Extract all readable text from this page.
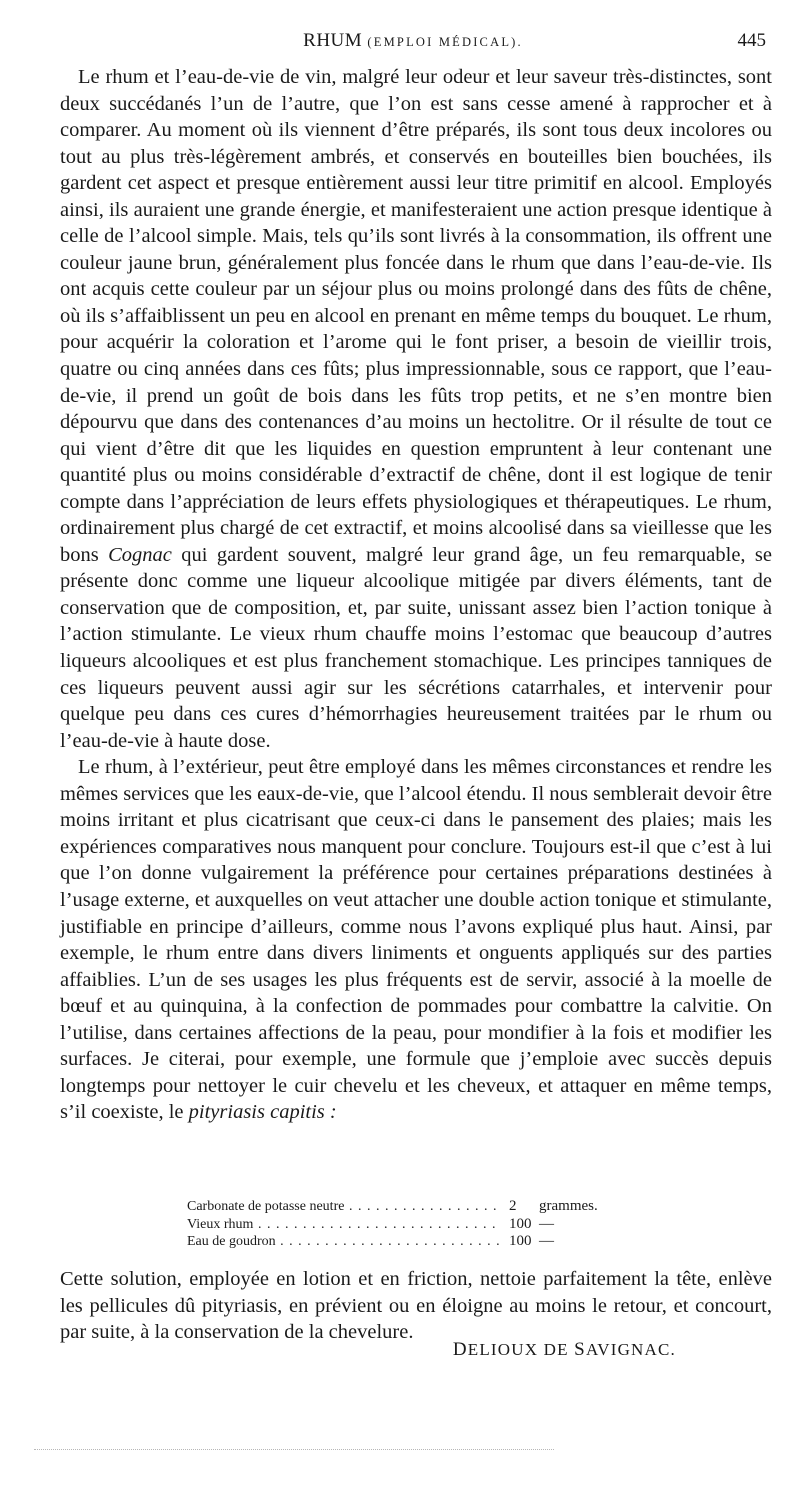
RHUM (EMPLOI MÉDICAL).	445

Le rhum et l’eau-de-vie de vin, malgré leur odeur et leur saveur très-distinctes, sont deux succédanés l’un de l’autre, que l’on est sans cesse amené à rapprocher et à comparer. Au moment où ils viennent d’être préparés, ils sont tous deux incolores ou tout au plus très-légèrement ambrés, et conservés en bouteilles bien bouchées, ils gardent cet aspect et presque entièrement aussi leur titre primitif en alcool. Employés ainsi, ils auraient une grande énergie, et manifesteraient une action presque identique à celle de l’alcool simple. Mais, tels qu’ils sont livrés à la consommation, ils offrent une couleur jaune brun, généralement plus foncée dans le rhum que dans l’eau-de-vie. Ils ont acquis cette couleur par un séjour plus ou moins prolongé dans des fûts de chêne, où ils s’affaiblissent un peu en alcool en prenant en même temps du bouquet. Le rhum, pour acquérir la coloration et l’arome qui le font priser, a besoin de vieillir trois, quatre ou cinq années dans ces fûts; plus impressionnable, sous ce rapport, que l’eau-de-vie, il prend un goût de bois dans les fûts trop petits, et ne s’en montre bien dépourvu que dans des contenances d’au moins un hectolitre. Or il résulte de tout ce qui vient d’être dit que les liquides en question empruntent à leur contenant une quantité plus ou moins considérable d’extractif de chêne, dont il est logique de tenir compte dans l’appréciation de leurs effets physiologiques et thérapeutiques. Le rhum, ordinairement plus chargé de cet extractif, et moins alcoolisé dans sa vieillesse que les bons Cognac qui gardent souvent, malgré leur grand âge, un feu remarquable, se présente donc comme une liqueur alcoolique mitigée par divers éléments, tant de conservation que de composition, et, par suite, unissant assez bien l’action tonique à l’action stimulante. Le vieux rhum chauffe moins l’estomac que beaucoup d’autres liqueurs alcooliques et est plus franchement stomachique. Les principes tanniques de ces liqueurs peuvent aussi agir sur les sécrétions catarrhales, et intervenir pour quelque peu dans ces cures d’hémorrhagies heureusement traitées par le rhum ou l’eau-de-vie à haute dose.

Le rhum, à l’extérieur, peut être employé dans les mêmes circonstances et rendre les mêmes services que les eaux-de-vie, que l’alcool étendu. Il nous semblerait devoir être moins irritant et plus cicatrisant que ceux-ci dans le pansement des plaies; mais les expériences comparatives nous manquent pour conclure. Toujours est-il que c’est à lui que l’on donne vulgairement la préférence pour certaines préparations destinées à l’usage externe, et auxquelles on veut attacher une double action tonique et stimulante, justifiable en principe d’ailleurs, comme nous l’avons expliqué plus haut. Ainsi, par exemple, le rhum entre dans divers liniments et onguents appliqués sur des parties affaiblies. L’un de ses usages les plus fréquents est de servir, associé à la moelle de bœuf et au quinquina, à la confection de pommades pour combattre la calvitie. On l’utilise, dans certaines affections de la peau, pour mondifier à la fois et modifier les surfaces. Je citerai, pour exemple, une formule que j’emploie avec succès depuis longtemps pour nettoyer le cuir chevelu et les cheveux, et attaquer en même temps, s’il coexiste, le pityriasis capitis :

Carbonate de potasse neutre . . .	2	grammes.
Vieux rhum . . .	100 —
Eau de goudron . . .	100 —

Cette solution, employée en lotion et en friction, nettoie parfaitement la tête, enlève les pellicules dû pityriasis, en prévient ou en éloigne au moins le retour, et concourt, par suite, à la conservation de la chevelure.

DELIOUX DE SAVIGNAC.
